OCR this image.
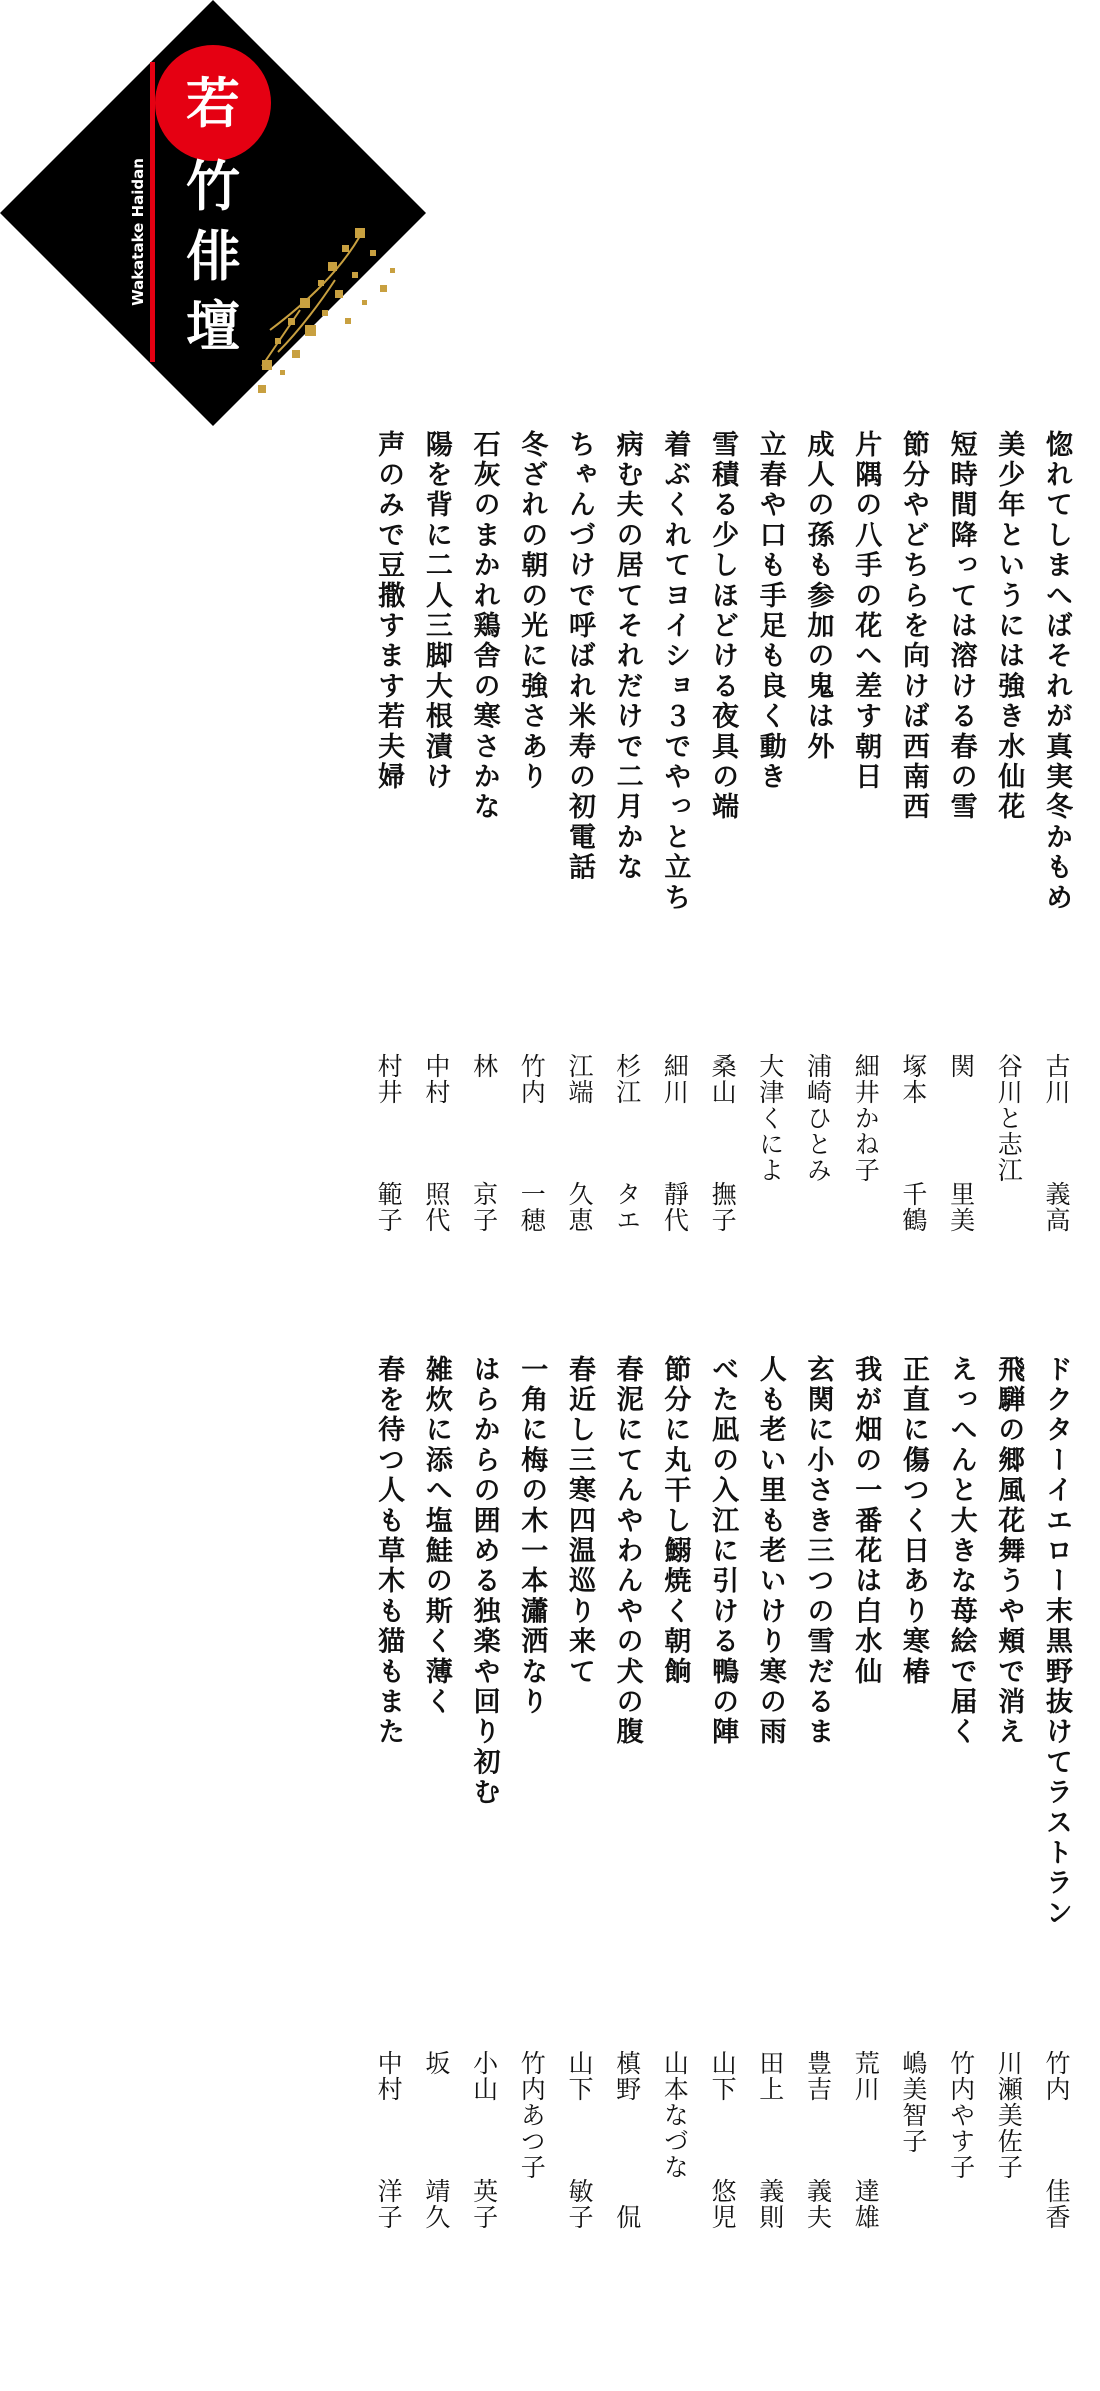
若
竹
俳
壇
Wakatake Haidan
惚れてしまへばそれが真実冬かもめ
美少年というには強き水仙花
短時間降っては溶ける春の雪
節分やどちらを向けば西南西
片隅の八手の花へ差す朝日
成人の孫も参加の鬼は外
立春や口も手足も良く動き
雪積る少しほどける夜具の端
着ぶくれてヨイショ３でやっと立ち
病む夫の居てそれだけで二月かな
ちゃんづけで呼ばれ米寿の初電話
冬ざれの朝の光に強さあり
石灰のまかれ鶏舎の寒さかな
陽を背に二人三脚大根漬け
声のみで豆撒すます若夫婦
古川
義高
谷川と志江
関
里美
塚本
千鶴
細井かね子
浦崎ひとみ
大津くによ
桑山
撫子
細川
靜代
杉江
タエ
江端
久恵
竹内
一穂
林
京子
中村
照代
村井
範子
ドクターイエロー末黒野抜けてラストラン
飛騨の郷風花舞うや頬で消え
えっへんと大きな苺絵で届く
正直に傷つく日あり寒椿
我が畑の一番花は白水仙
玄関に小さき三つの雪だるま
人も老い里も老いけり寒の雨
べた凪の入江に引ける鴨の陣
節分に丸干し鰯焼く朝餉
春泥にてんやわんやの犬の腹
春近し三寒四温巡り来て
一角に梅の木一本瀟洒なり
はらからの囲める独楽や回り初む
雑炊に添へ塩鮭の斯く薄く
春を待つ人も草木も猫もまた
竹内
佳香
川瀬美佐子
竹内やす子
嶋美智子
荒川
達雄
豊吉
義夫
田上
義則
山下
悠児
山本なづな
槙野
侃
山下
敏子
竹内あつ子
小山
英子
坂
靖久
中村
洋子
